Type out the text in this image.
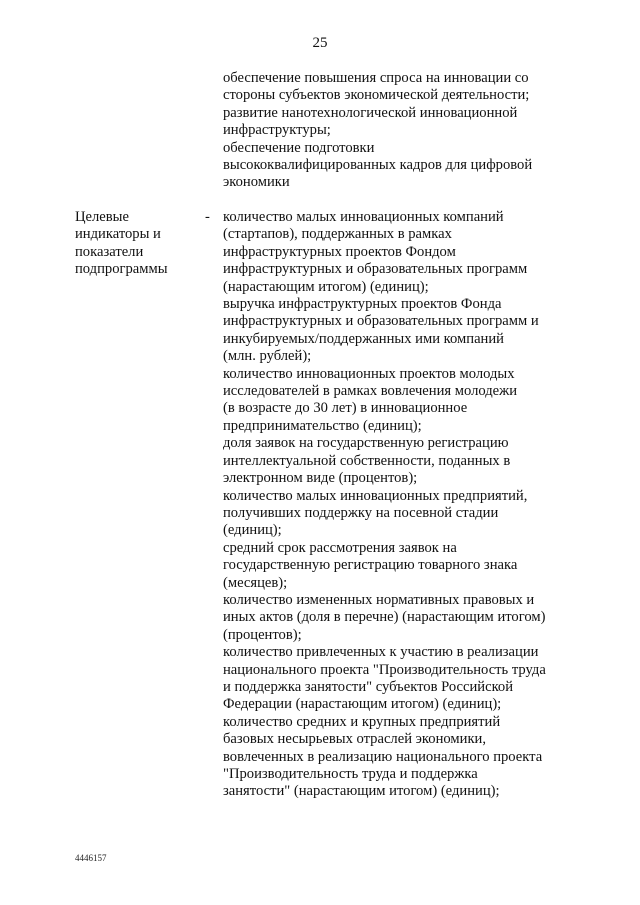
25
обеспечение повышения спроса на инновации со
стороны субъектов экономической деятельности;
развитие нанотехнологической инновационной
инфраструктуры;
обеспечение подготовки
высококвалифицированных кадров для цифровой
экономики
Целевые
индикаторы и
показатели
подпрограммы
- количество малых инновационных компаний
(стартапов), поддержанных в рамках
инфраструктурных проектов Фондом
инфраструктурных и образовательных программ
(нарастающим итогом) (единиц);
выручка инфраструктурных проектов Фонда
инфраструктурных и образовательных программ и
инкубируемых/поддержанных ими компаний
(млн. рублей);
количество инновационных проектов молодых
исследователей в рамках вовлечения молодежи
(в возрасте до 30 лет) в инновационное
предпринимательство (единиц);
доля заявок на государственную регистрацию
интеллектуальной собственности, поданных в
электронном виде (процентов);
количество малых инновационных предприятий,
получивших поддержку на посевной стадии
(единиц);
средний срок рассмотрения заявок на
государственную регистрацию товарного знака
(месяцев);
количество измененных нормативных правовых и
иных актов (доля в перечне) (нарастающим итогом)
(процентов);
количество привлеченных к участию в реализации
национального проекта "Производительность труда
и поддержка занятости" субъектов Российской
Федерации (нарастающим итогом) (единиц);
количество средних и крупных предприятий
базовых несырьевых отраслей экономики,
вовлеченных в реализацию национального проекта
"Производительность труда и поддержка
занятости" (нарастающим итогом) (единиц);
4446157
